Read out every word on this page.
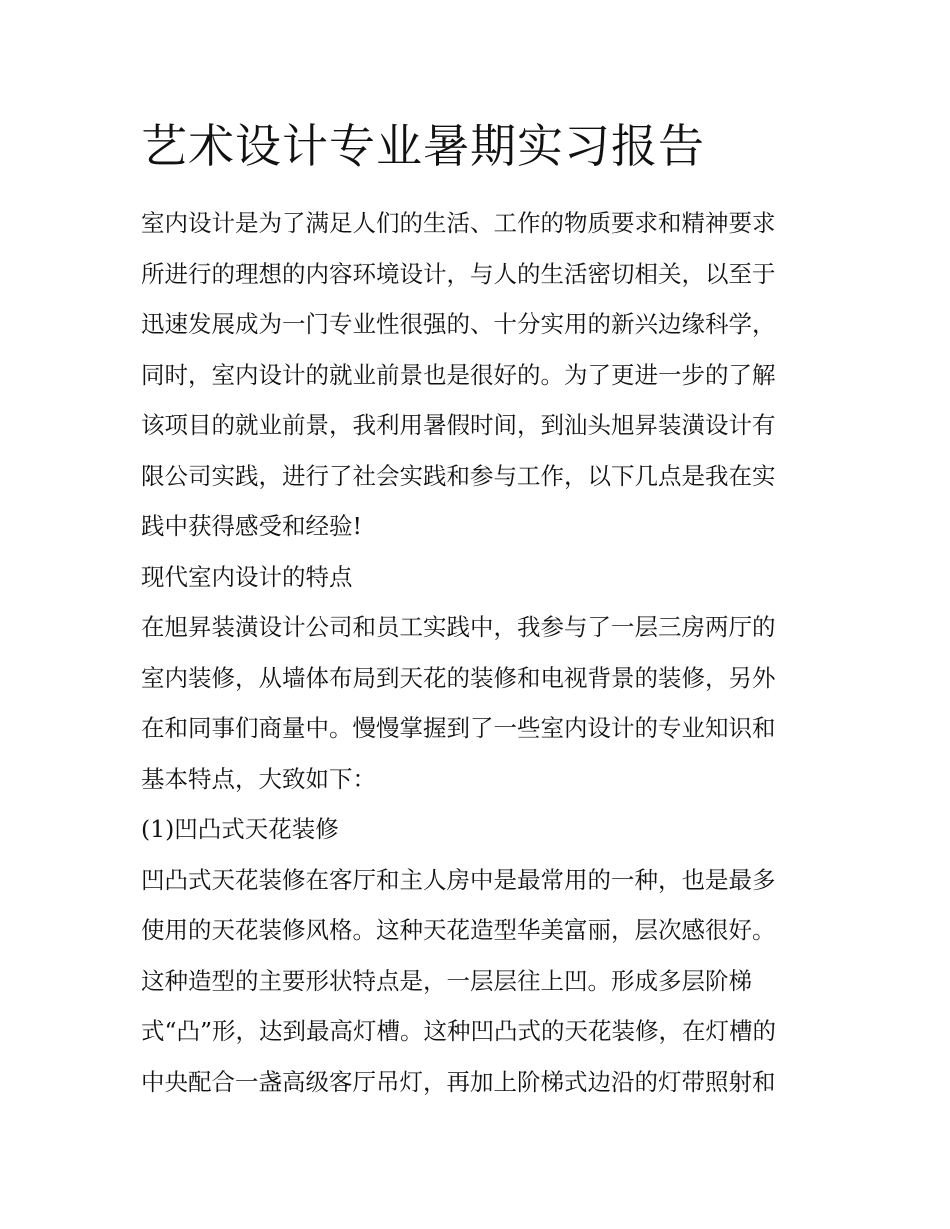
艺术设计专业暑期实习报告

室内设计是为了满足人们的生活、工作的物质要求和精神要求

所进行的理想的内容环境设计，与人的生活密切相关，以至于

迅速发展成为一门专业性很强的、十分实用的新兴边缘科学，

同时，室内设计的就业前景也是很好的。为了更进一步的了解

该项目的就业前景，我利用暑假时间，到汕头旭昇装潢设计有

限公司实践，进行了社会实践和参与工作，以下几点是我在实

践中获得感受和经验!

现代室内设计的特点

在旭昇装潢设计公司和员工实践中，我参与了一层三房两厅的

室内装修，从墙体布局到天花的装修和电视背景的装修，另外

在和同事们商量中。慢慢掌握到了一些室内设计的专业知识和

基本特点，大致如下：

(1)凹凸式天花装修

凹凸式天花装修在客厅和主人房中是最常用的一种，也是最多

使用的天花装修风格。这种天花造型华美富丽，层次感很好。

这种造型的主要形状特点是，一层层往上凹。形成多层阶梯

式“凸”形，达到最高灯槽。这种凹凸式的天花装修，在灯槽的

中央配合一盏高级客厅吊灯，再加上阶梯式边沿的灯带照射和
